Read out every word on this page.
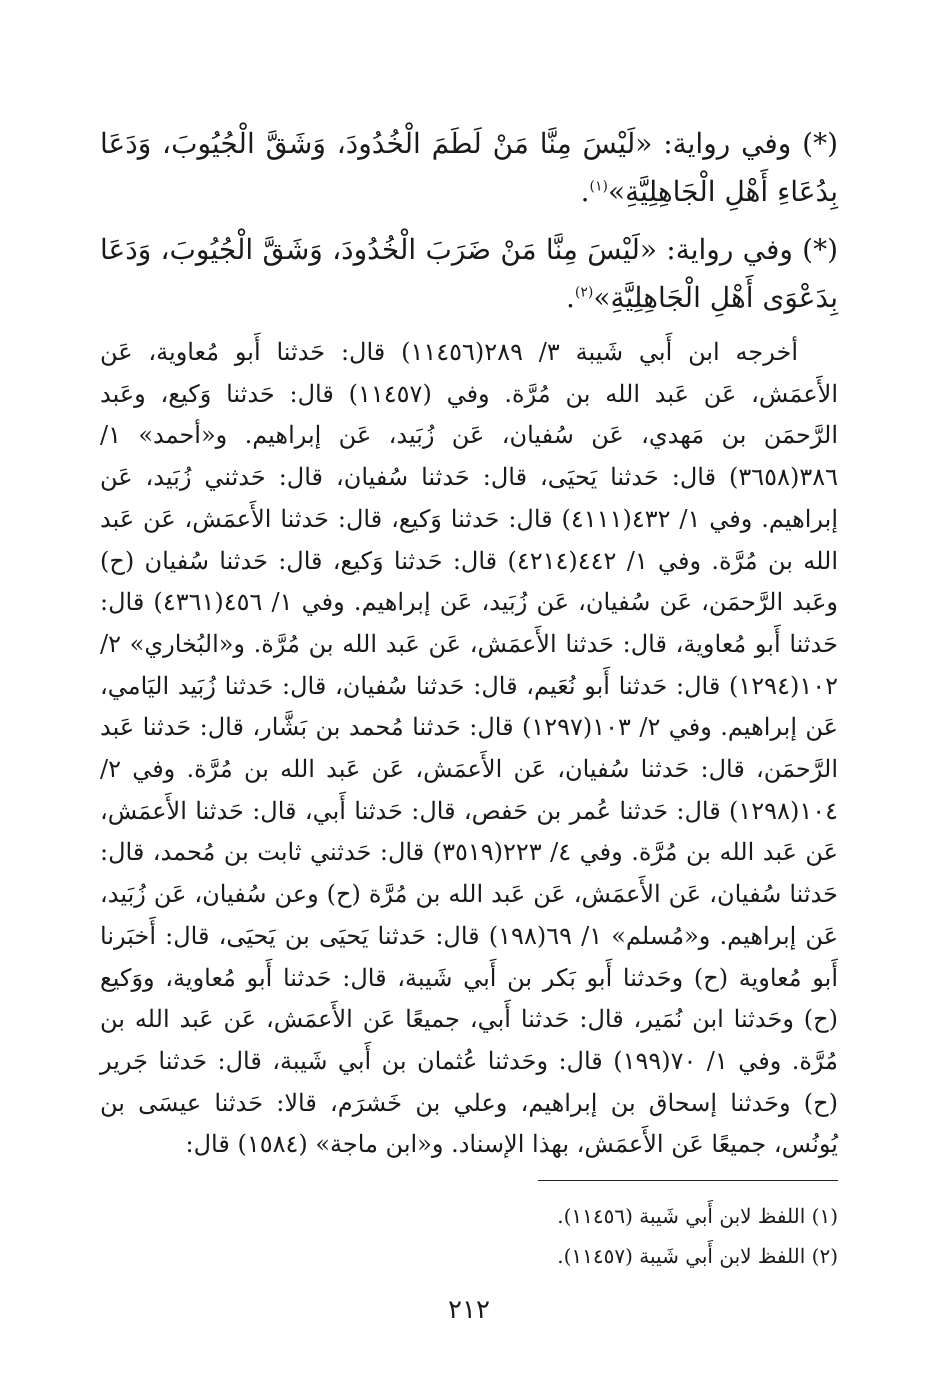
(*) وفي رواية: «لَيْسَ مِنَّا مَنْ لَطَمَ الْخُدُودَ، وَشَقَّ الْجُيُوبَ، وَدَعَا بِدُعَاءِ أَهْلِ الْجَاهِلِيَّةِ»$^{(١)}$.

(*) وفي رواية: «لَيْسَ مِنَّا مَنْ ضَرَبَ الْخُدُودَ، وَشَقَّ الْجُيُوبَ، وَدَعَا بِدَعْوَى أَهْلِ الْجَاهِلِيَّةِ»$^{(٢)}$.

أخرجه ابن أَبي شَيبة ٣/ ٢٨٩(١١٤٥٦) قال: حَدثنا أَبو مُعاوية، عَن الأَعمَش، عَن عَبد الله بن مُرَّة. وفي (١١٤٥٧) قال: حَدثنا وَكيع، وعَبد الرَّحمَن بن مَهدي، عَن سُفيان، عَن زُبَيد، عَن إبراهيم. و«أحمد» ١/ ٣٨٦(٣٦٥٨) قال: حَدثنا يَحيَى، قال: حَدثنا سُفيان، قال: حَدثني زُبَيد، عَن إبراهيم. وفي ١/ ٤٣٢(٤١١١) قال: حَدثنا وَكيع، قال: حَدثنا الأَعمَش، عَن عَبد الله بن مُرَّة. وفي ١/ ٤٤٢(٤٢١٤) قال: حَدثنا وَكيع، قال: حَدثنا سُفيان (ح) وعَبد الرَّحمَن، عَن سُفيان، عَن زُبَيد، عَن إبراهيم. وفي ١/ ٤٥٦(٤٣٦١) قال: حَدثنا أَبو مُعاوية، قال: حَدثنا الأَعمَش، عَن عَبد الله بن مُرَّة. و«البُخاري» ٢/ ١٠٢(١٢٩٤) قال: حَدثنا أَبو نُعَيم، قال: حَدثنا سُفيان، قال: حَدثنا زُبَيد اليَامي، عَن إبراهيم. وفي ٢/ ١٠٣(١٢٩٧) قال: حَدثنا مُحمد بن بَشَّار، قال: حَدثنا عَبد الرَّحمَن، قال: حَدثنا سُفيان، عَن الأَعمَش، عَن عَبد الله بن مُرَّة. وفي ٢/ ١٠٤(١٢٩٨) قال: حَدثنا عُمر بن حَفص، قال: حَدثنا أَبي، قال: حَدثنا الأَعمَش، عَن عَبد الله بن مُرَّة. وفي ٤/ ٢٢٣(٣٥١٩) قال: حَدثني ثابت بن مُحمد، قال: حَدثنا سُفيان، عَن الأَعمَش، عَن عَبد الله بن مُرَّة (ح) وعن سُفيان، عَن زُبَيد، عَن إبراهيم. و«مُسلم» ١/ ٦٩(١٩٨) قال: حَدثنا يَحيَى بن يَحيَى، قال: أَخبَرنا أَبو مُعاوية (ح) وحَدثنا أَبو بَكر بن أَبي شَيبة، قال: حَدثنا أَبو مُعاوية، ووَكيع (ح) وحَدثنا ابن نُمَير، قال: حَدثنا أَبي، جميعًا عَن الأَعمَش، عَن عَبد الله بن مُرَّة. وفي ١/ ٧٠(١٩٩) قال: وحَدثنا عُثمان بن أَبي شَيبة، قال: حَدثنا جَرير (ح) وحَدثنا إسحاق بن إبراهيم، وعلي بن خَشرَم، قالا: حَدثنا عيسَى بن يُونُس، جميعًا عَن الأَعمَش، بهذا الإسناد. و«ابن ماجة» (١٥٨٤) قال:

(١) اللفظ لابن أَبي شَيبة (١١٤٥٦).

(٢) اللفظ لابن أَبي شَيبة (١١٤٥٧).

٢١٢
